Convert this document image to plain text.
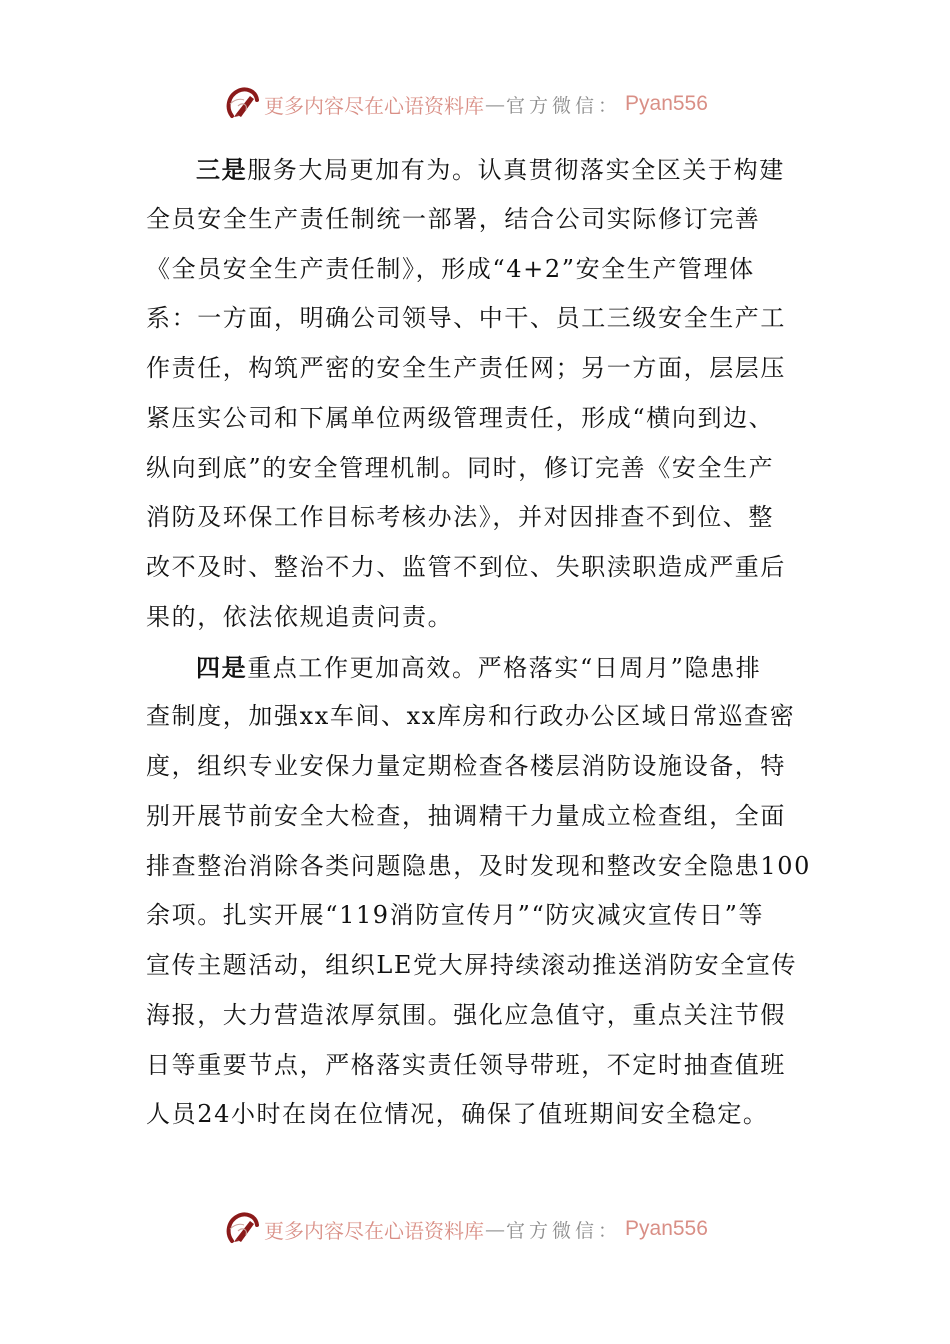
更多内容尽在心语资料库 — 官方微信： Pyan556
三是服务大局更加有为。认真贯彻落实全区关于构建
全员安全生产责任制统一部署，结合公司实际修订完善
《全员安全生产责任制》，形成“4+2”安全生产管理体
系：一方面，明确公司领导、中干、员工三级安全生产工
作责任，构筑严密的安全生产责任网；另一方面，层层压
紧压实公司和下属单位两级管理责任，形成“横向到边、
纵向到底”的安全管理机制。同时，修订完善《安全生产
消防及环保工作目标考核办法》，并对因排查不到位、整
改不及时、整治不力、监管不到位、失职渎职造成严重后
果的，依法依规追责问责。
四是重点工作更加高效。严格落实“日周月”隐患排
查制度，加强xx车间、xx库房和行政办公区域日常巡查密
度，组织专业安保力量定期检查各楼层消防设施设备，特
别开展节前安全大检查，抽调精干力量成立检查组，全面
排查整治消除各类问题隐患，及时发现和整改安全隐患100
余项。扎实开展“119消防宣传月”“防灾减灾宣传日”等
宣传主题活动，组织LE党大屏持续滚动推送消防安全宣传
海报，大力营造浓厚氛围。强化应急值守，重点关注节假
日等重要节点，严格落实责任领导带班，不定时抽查值班
人员24小时在岗在位情况，确保了值班期间安全稳定。
更多内容尽在心语资料库 — 官方微信： Pyan556
